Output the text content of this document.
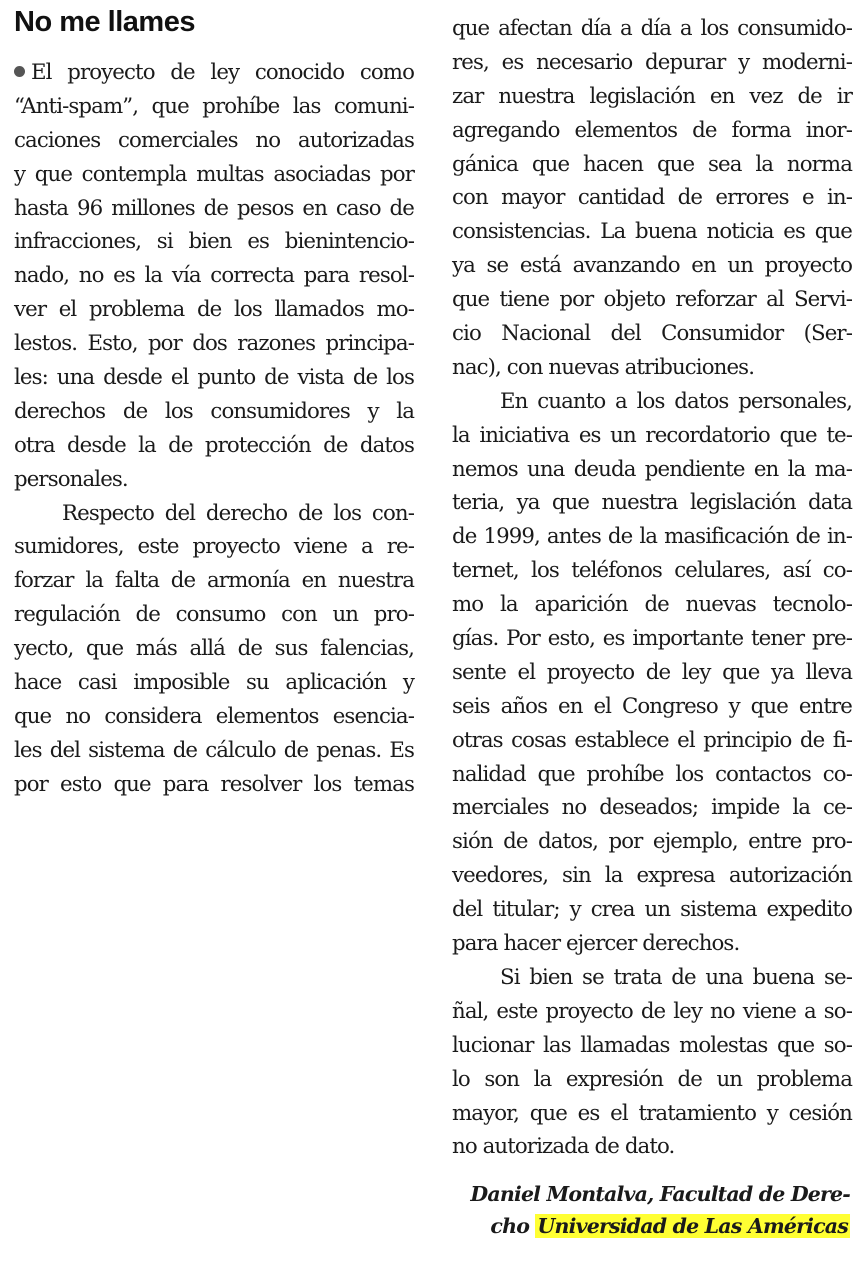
No me llames
El proyecto de ley conocido como
“Anti-spam”, que prohíbe las comuni-
caciones comerciales no autorizadas
y que contempla multas asociadas por
hasta 96 millones de pesos en caso de
infracciones, si bien es bienintencio-
nado, no es la vía correcta para resol-
ver el problema de los llamados mo-
lestos. Esto, por dos razones principa-
les: una desde el punto de vista de los
derechos de los consumidores y la
otra desde la de protección de datos
personales.
Respecto del derecho de los con-
sumidores, este proyecto viene a re-
forzar la falta de armonía en nuestra
regulación de consumo con un pro-
yecto, que más allá de sus falencias,
hace casi imposible su aplicación y
que no considera elementos esencia-
les del sistema de cálculo de penas. Es
por esto que para resolver los temas
que afectan día a día a los consumido-
res, es necesario depurar y moderni-
zar nuestra legislación en vez de ir
agregando elementos de forma inor-
gánica que hacen que sea la norma
con mayor cantidad de errores e in-
consistencias. La buena noticia es que
ya se está avanzando en un proyecto
que tiene por objeto reforzar al Servi-
cio Nacional del Consumidor (Ser-
nac), con nuevas atribuciones.
En cuanto a los datos personales,
la iniciativa es un recordatorio que te-
nemos una deuda pendiente en la ma-
teria, ya que nuestra legislación data
de 1999, antes de la masificación de in-
ternet, los teléfonos celulares, así co-
mo la aparición de nuevas tecnolo-
gías. Por esto, es importante tener pre-
sente el proyecto de ley que ya lleva
seis años en el Congreso y que entre
otras cosas establece el principio de fi-
nalidad que prohíbe los contactos co-
merciales no deseados; impide la ce-
sión de datos, por ejemplo, entre pro-
veedores, sin la expresa autorización
del titular; y crea un sistema expedito
para hacer ejercer derechos.
Si bien se trata de una buena se-
ñal, este proyecto de ley no viene a so-
lucionar las llamadas molestas que so-
lo son la expresión de un problema
mayor, que es el tratamiento y cesión
no autorizada de dato.
Daniel Montalva, Facultad de Dere-
cho Universidad de Las Américas
